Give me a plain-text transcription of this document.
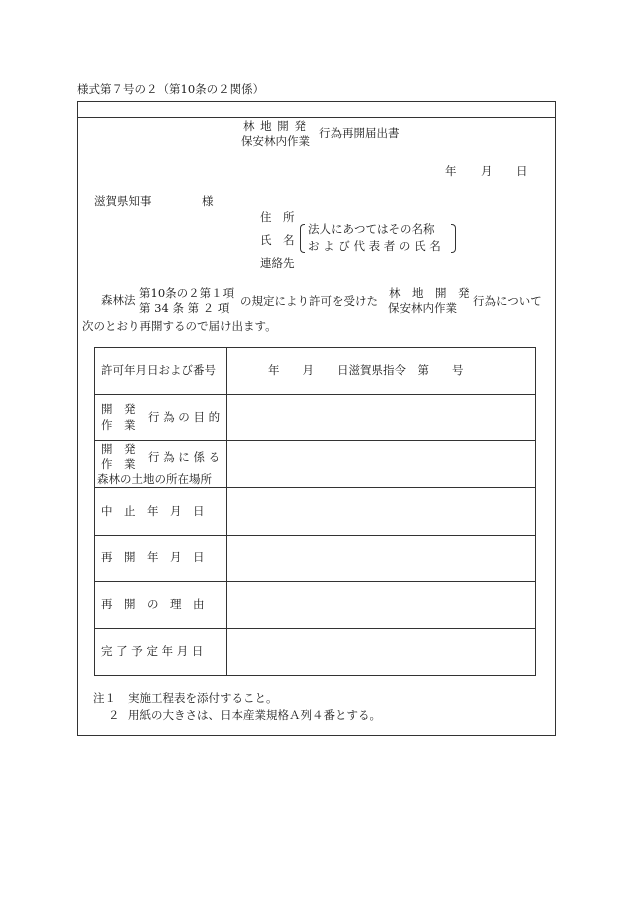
様式第７号の２（第10条の２関係）
林 地 開 発
保安林内作業
行為再開届出書
年 月 日
滋賀県知事	様
住　所
氏　名
法人にあつてはその名称
お よ び 代 表 者 の 氏 名
連絡先
森林法 第10条の２第１項
第 34 条 第 ２ 項 の規定により許可を受けた
林　地　開　発
保安林内作業 行為について
次のとおり再開するので届け出ます。
許可年月日および番号	年　　月　　日滋賀県指令　第　　号
開　発
作　業
行 為 の 目 的
開　発
作　業 行 為 に 係 る
森林の土地の所在場所
中　止　年　月　日
再　開　年　月　日
再　開　の　理　由
完 了 予 定 年 月 日
注１ 実施工程表を添付すること。
２ 用紙の大きさは、日本産業規格Ａ列４番とする。
